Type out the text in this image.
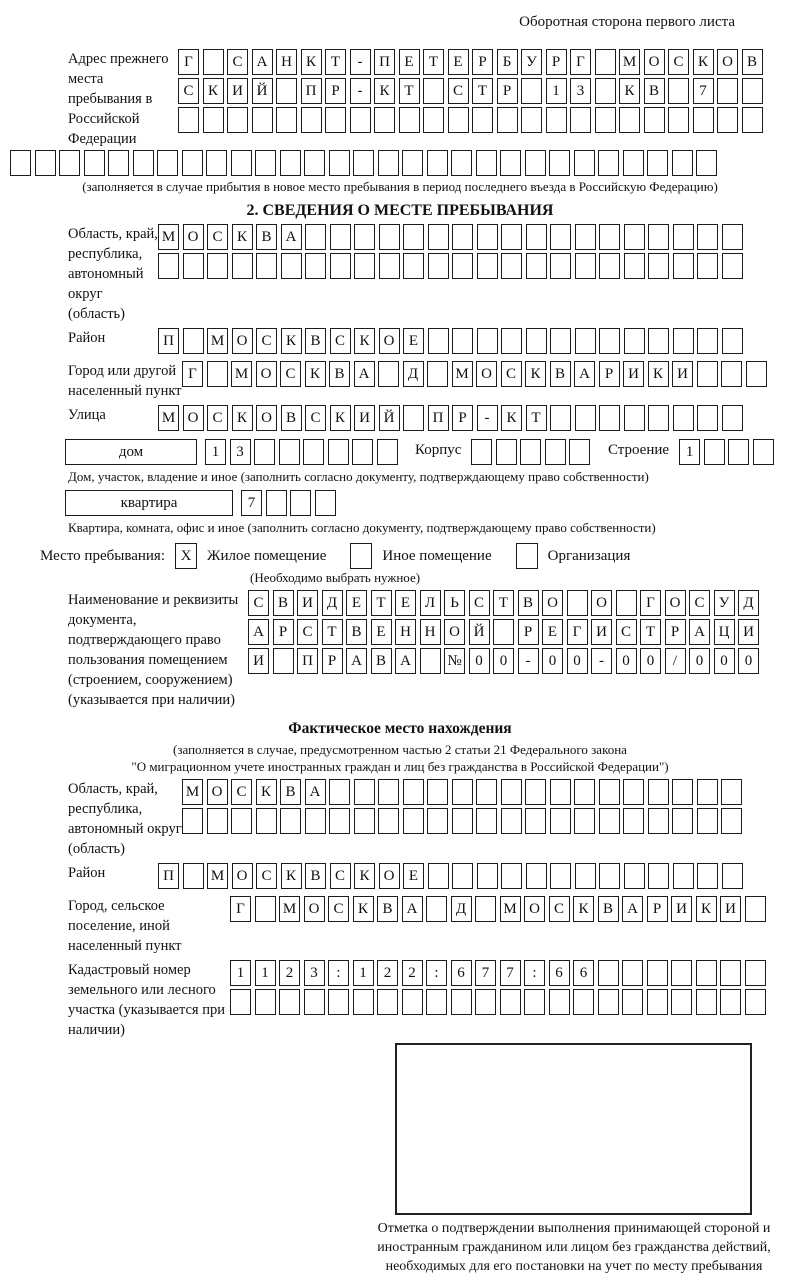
Оборотная сторона первого листа
Адрес прежнего места пребывания в Российской Федерации
Г	С А Н К Т	-	П Е	Т	Е	Р	Б У	Р	Г	М О С К О В
С К И Й	П Р	-	К Т	С Т	Р	1	3	К В	7
(заполняется в случае прибытия в новое место пребывания в период последнего въезда в Российскую Федерацию)
2. СВЕДЕНИЯ О МЕСТЕ ПРЕБЫВАНИЯ
Область, край, республика, автономный округ (область)
М О С К В А
Район	П	М О С К В С К О Е
Город или другой населенный пункт
Г	М О С К В А	Д	М О С К В А Р И К И
Улица	М О С К О В С К И Й	П Р	-	К Т
дом	1	3	Корпус	Строение	1
Дом, участок, владение и иное (заполнить согласно документу, подтверждающему право собственности)
квартира	7
Квартира, комната, офис и иное (заполнить согласно документу, подтверждающему право собственности)
Место пребывания:	X	Жилое помещение	Иное помещение	Организация
(Необходимо выбрать нужное)
Наименование и реквизиты документа, подтверждающего право пользования помещением (строением, сооружением) (указывается при наличии)
С В И Д Е	Т	Е Л	Ь	С Т В О	О	Г О С У Д
А Р	С Т В Е Н Н О Й	Р	Е	Г И С Т	Р А Ц И
И	П Р А В А	№ 0	0	-	0	0	-	0	0	/	0	0	0
Фактическое место нахождения
(заполняется в случае, предусмотренном частью 2 статьи 21 Федерального закона
"О миграционном учете иностранных граждан и лиц без гражданства в Российской Федерации")
Область, край, республика, автономный округ (область)
М О С К В А
Район	П	М О С К В С К О Е
Город, сельское поселение, иной населенный пункт
Г	М О С К В А	Д	М О С К В А Р И К И
Кадастровый номер земельного или лесного участка (указывается при наличии)
1	1	2	3	:	1	2	2	:	6	7	7	:	6	6
Отметка о подтверждении выполнения принимающей стороной и иностранным гражданином или лицом без гражданства действий, необходимых для его постановки на учет по месту пребывания
